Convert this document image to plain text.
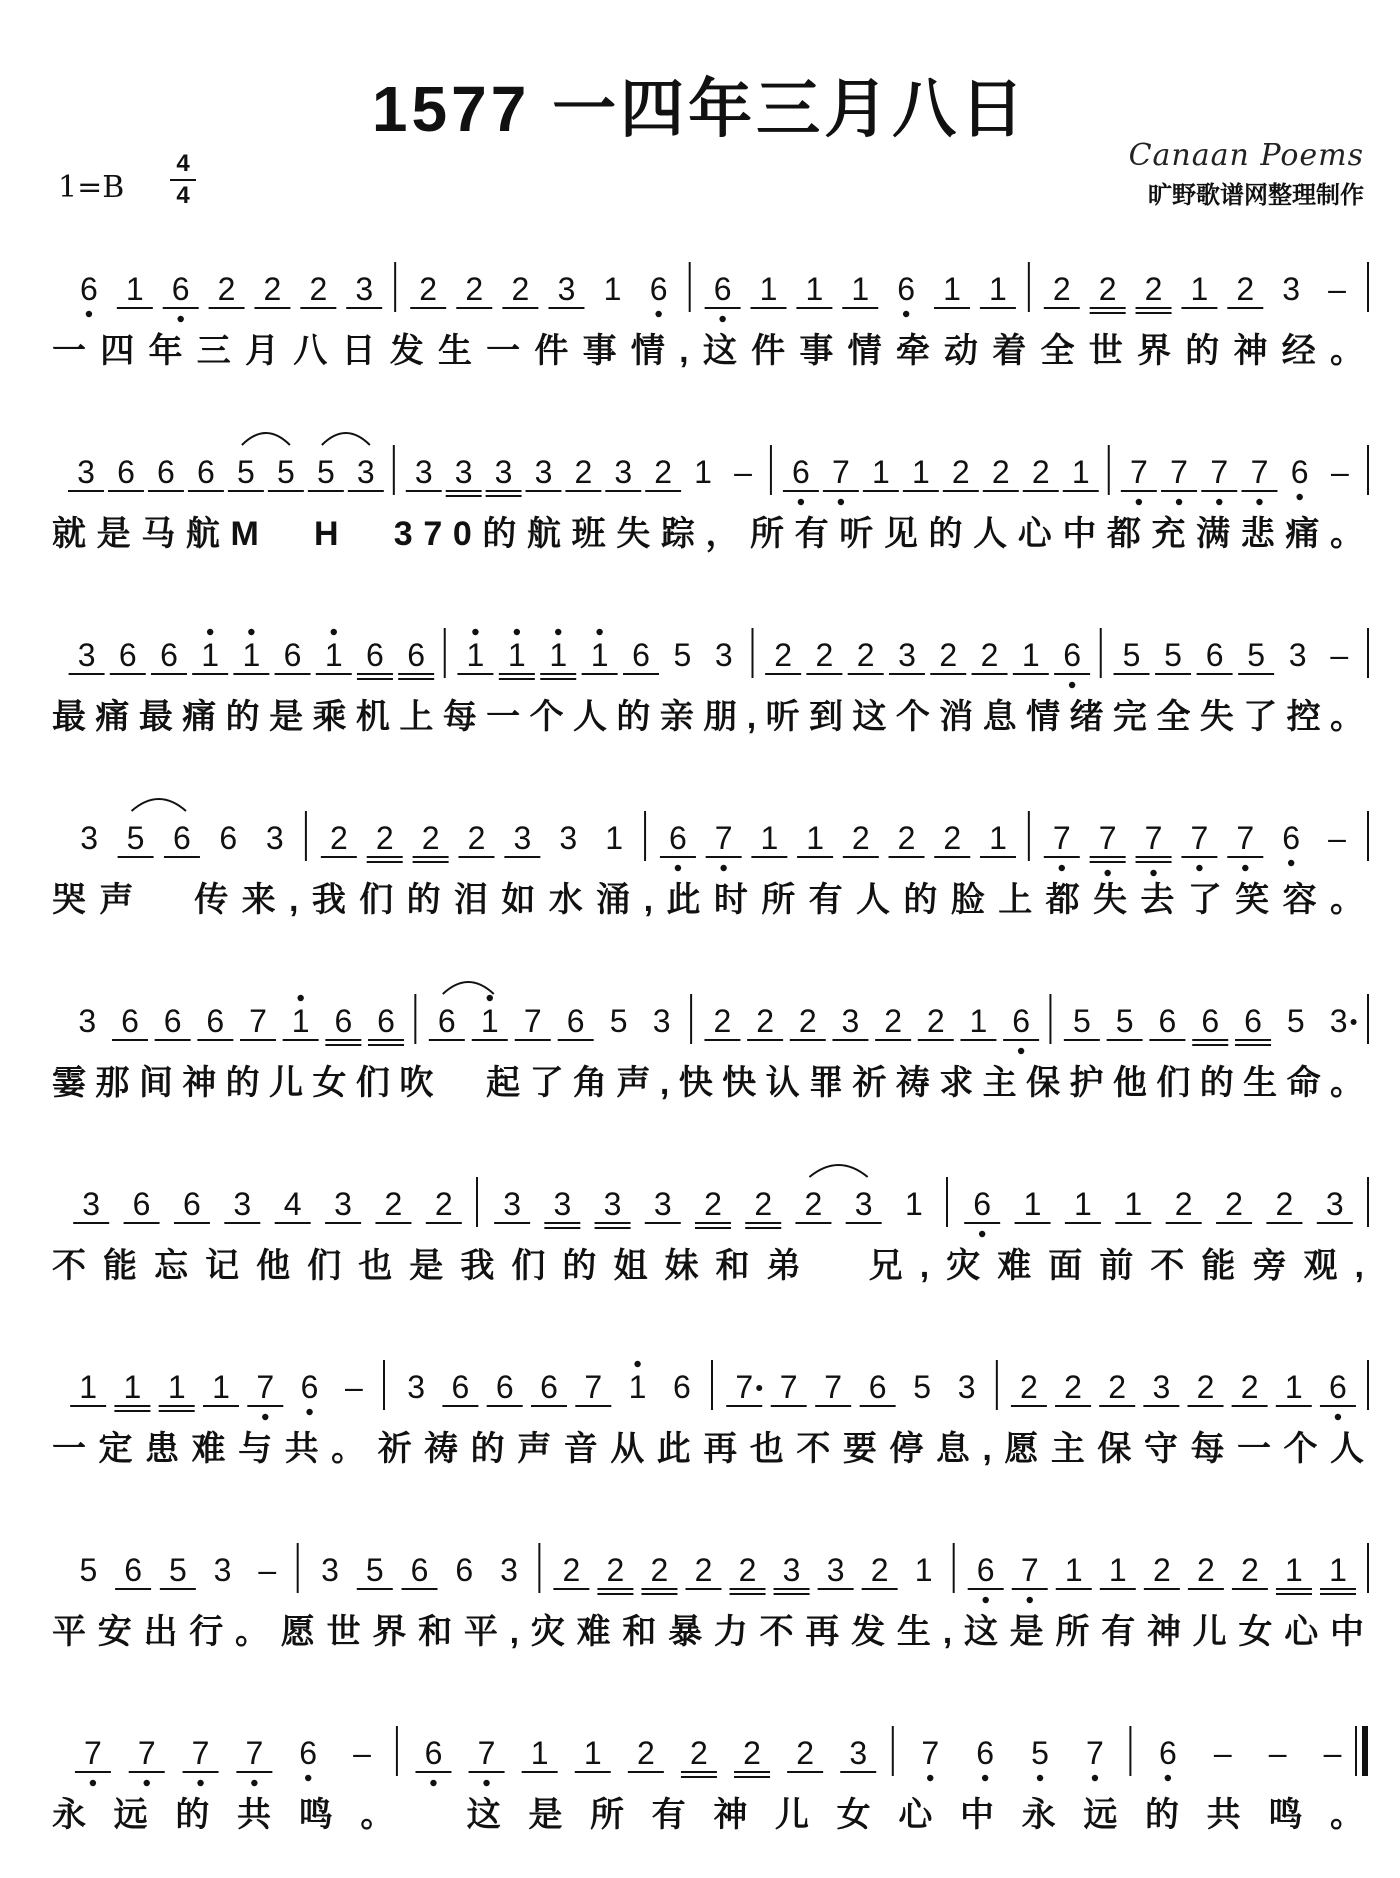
1577 一四年三月八日
1=B
4
4
Canaan Poems
旷野歌谱网整理制作
6 1 6 2 2 2 3 2 2 2 3 1 6 6 1 1 1 6 1 1 2 2 2 1 2 3 –
一四年三月八日发生一件事情,这件事情牵动着全世界的神经。
3 6 6 6 5 5 5 3 3 3 3 3 2 3 2 1 – 6 7 1 1 2 2 2 1 7 7 7 7 6 –
就是马航M　H　370的航班失踪，所有听见的人心中都充满悲痛。
3 6 6 1 1 6 1 6 6 1 1 1 1 6 5 3 2 2 2 3 2 2 1 6 5 5 6 5 3 –
最痛最痛的是乘机上每一个人的亲朋,听到这个消息情绪完全失了控。
3 5 6 6 3 2 2 2 2 3 3 1 6 7 1 1 2 2 2 1 7 7 7 7 7 6 –
哭声　传来,我们的泪如水涌,此时所有人的脸上都失去了笑容。
3 6 6 6 7 1 6 6 6 1 7 6 5 3 2 2 2 3 2 2 1 6 5 5 6 6 6 5 3
霎那间神的儿女们吹　起了角声,快快认罪祈祷求主保护他们的生命。
3 6 6 3 4 3 2 2 3 3 3 3 2 2 2 3 1 6 1 1 1 2 2 2 3
不能忘记他们也是我们的姐妹和弟　兄,灾难面前不能旁观,
1 1 1 1 7 6 – 3 6 6 6 7 1 6 7 7 7 6 5 3 2 2 2 3 2 2 1 6
一定患难与共。祈祷的声音从此再也不要停息,愿主保守每一个人
5 6 5 3 – 3 5 6 6 3 2 2 2 2 2 3 3 2 1 6 7 1 1 2 2 2 1 1
平安出行。愿世界和平,灾难和暴力不再发生,这是所有神儿女心中
7 7 7 7 6 – 6 7 1 1 2 2 2 2 3 7 6 5 7 6 – – –
永远的共鸣。　这是所有神儿女心中永远的共鸣。
